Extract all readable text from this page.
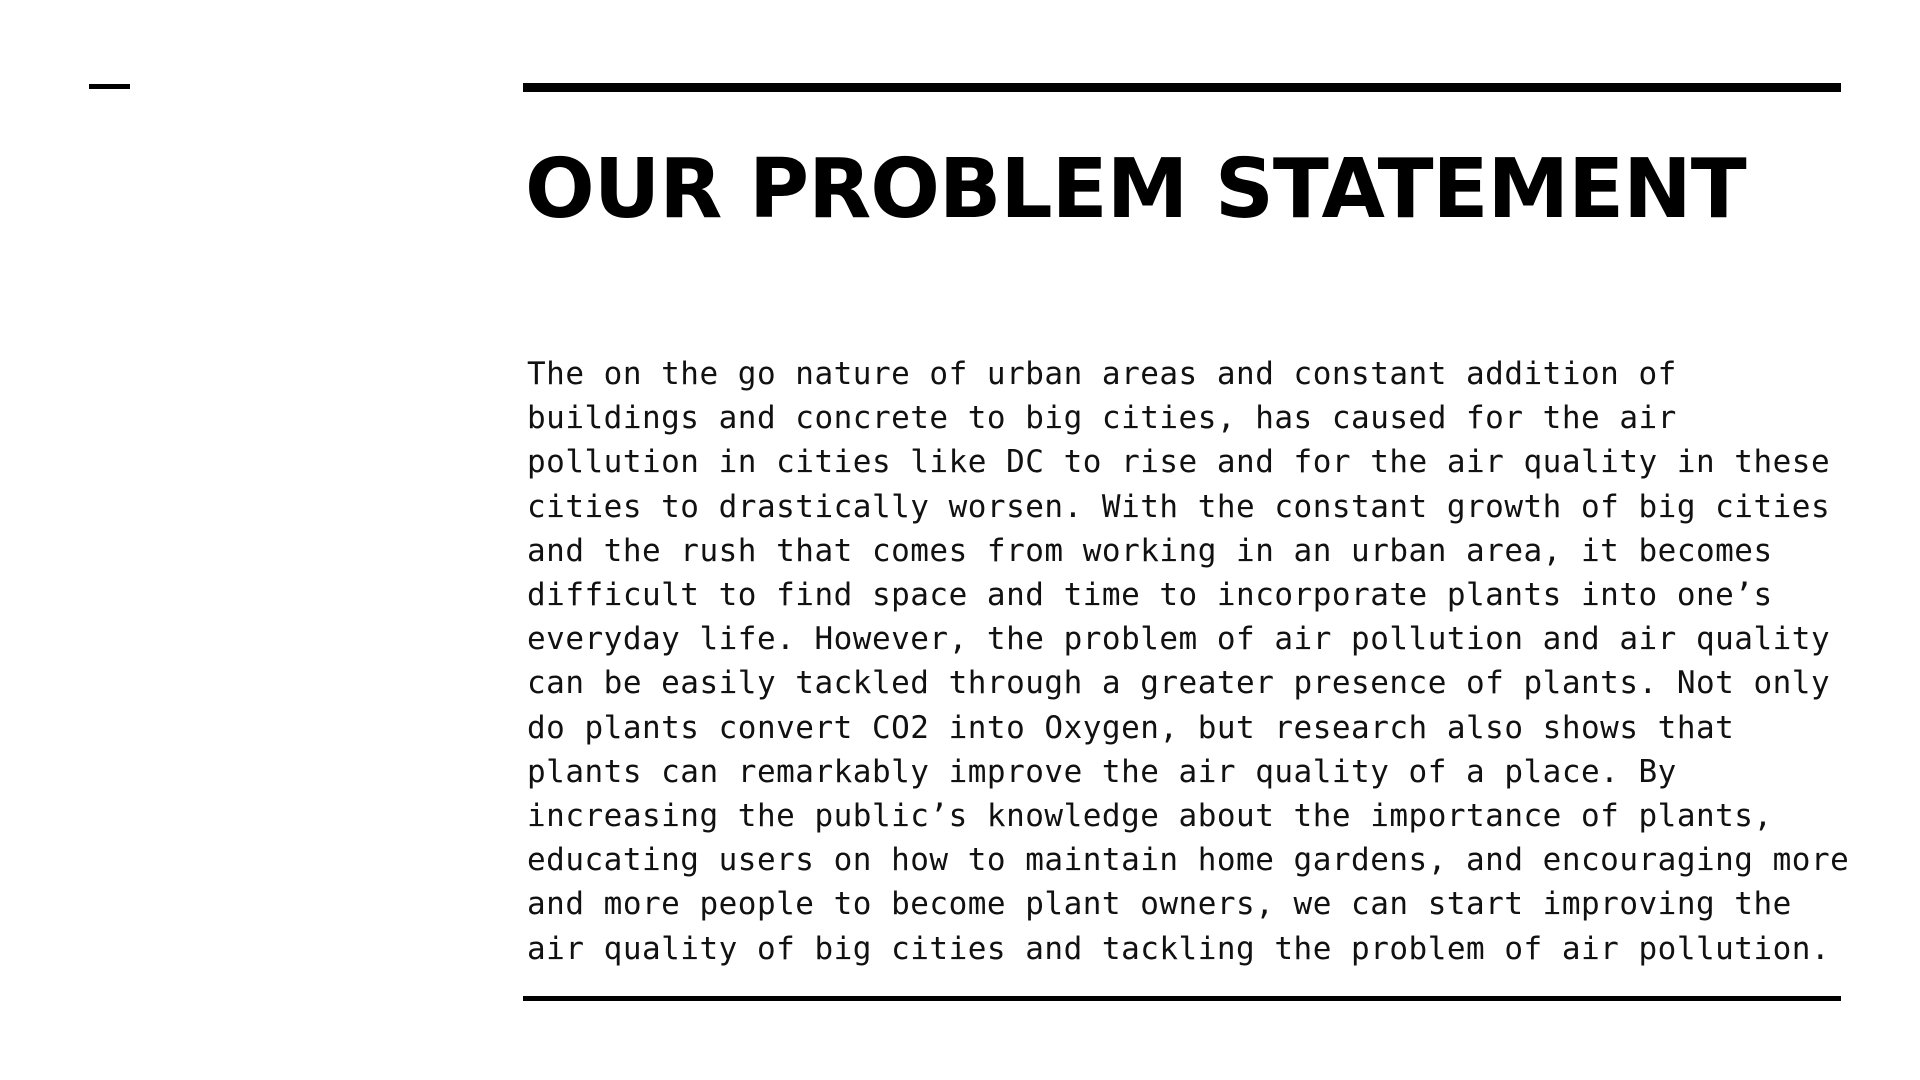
OUR PROBLEM STATEMENT
The on the go nature of urban areas and constant addition of
buildings and concrete to big cities, has caused for the air
pollution in cities like DC to rise and for the air quality in these
cities to drastically worsen. With the constant growth of big cities
and the rush that comes from working in an urban area, it becomes
difficult to find space and time to incorporate plants into one’s
everyday life. However, the problem of air pollution and air quality
can be easily tackled through a greater presence of plants. Not only
do plants convert CO2 into Oxygen, but research also shows that
plants can remarkably improve the air quality of a place. By
increasing the public’s knowledge about the importance of plants,
educating users on how to maintain home gardens, and encouraging more
and more people to become plant owners, we can start improving the
air quality of big cities and tackling the problem of air pollution.
